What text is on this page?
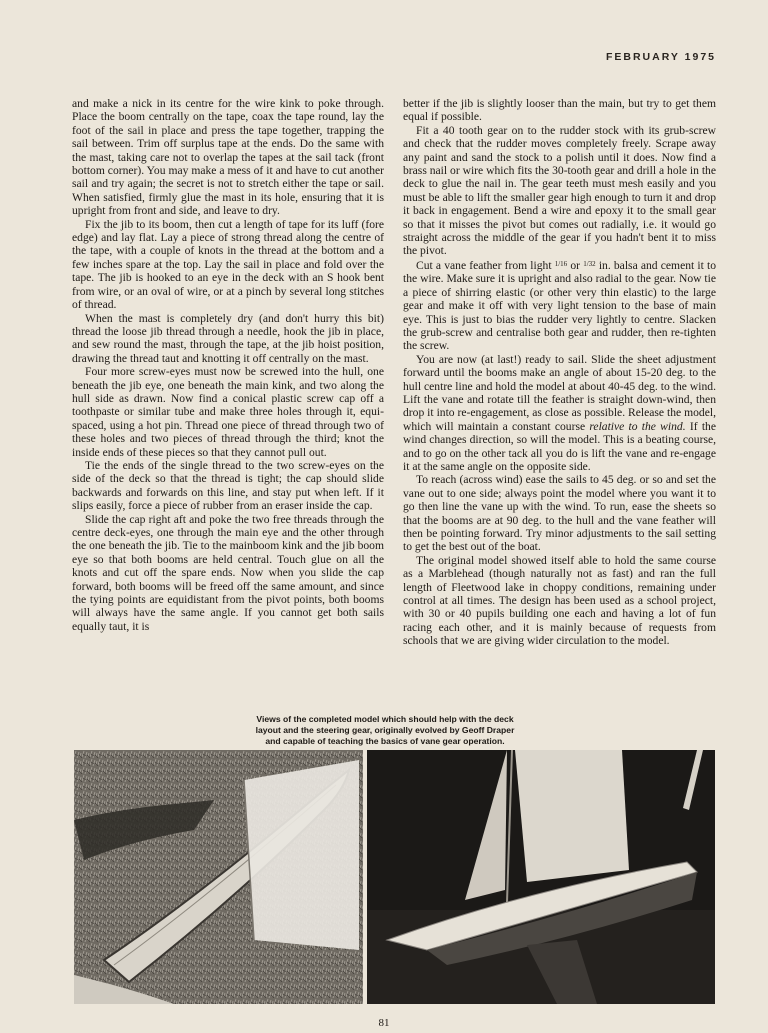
FEBRUARY 1975

and make a nick in its centre for the wire kink to poke through. Place the boom centrally on the tape, coax the tape round, lay the foot of the sail in place and press the tape together, trapping the sail between. Trim off surplus tape at the ends. Do the same with the mast, taking care not to overlap the tapes at the sail tack (front bottom corner). You may make a mess of it and have to cut another sail and try again; the secret is not to stretch either the tape or sail. When satisfied, firmly glue the mast in its hole, ensuring that it is upright from front and side, and leave to dry.

Fix the jib to its boom, then cut a length of tape for its luff (fore edge) and lay flat. Lay a piece of strong thread along the centre of the tape, with a couple of knots in the thread at the bottom and a few inches spare at the top. Lay the sail in place and fold over the tape. The jib is hooked to an eye in the deck with an S hook bent from wire, or an oval of wire, or at a pinch by several long stitches of thread.

When the mast is completely dry (and don't hurry this bit) thread the loose jib thread through a needle, hook the jib in place, and sew round the mast, through the tape, at the jib hoist position, drawing the thread taut and knotting it off centrally on the mast.

Four more screw-eyes must now be screwed into the hull, one beneath the jib eye, one beneath the main kink, and two along the hull side as drawn. Now find a conical plastic screw cap off a toothpaste or similar tube and make three holes through it, equi-spaced, using a hot pin. Thread one piece of thread through two of these holes and two pieces of thread through the third; knot the inside ends of these pieces so that they cannot pull out.

Tie the ends of the single thread to the two screw-eyes on the side of the deck so that the thread is tight; the cap should slide backwards and forwards on this line, and stay put when left. If it slips easily, force a piece of rubber from an eraser inside the cap.

Slide the cap right aft and poke the two free threads through the centre deck-eyes, one through the main eye and the other through the one beneath the jib. Tie to the mainboom kink and the jib boom eye so that both booms are held central. Touch glue on all the knots and cut off the spare ends. Now when you slide the cap forward, both booms will be freed off the same amount, and since the tying points are equidistant from the pivot points, both booms will always have the same angle. If you cannot get both sails equally taut, it is

better if the jib is slightly looser than the main, but try to get them equal if possible.

Fit a 40 tooth gear on to the rudder stock with its grub-screw and check that the rudder moves completely freely. Scrape away any paint and sand the stock to a polish until it does. Now find a brass nail or wire which fits the 30-tooth gear and drill a hole in the deck to glue the nail in. The gear teeth must mesh easily and you must be able to lift the smaller gear high enough to turn it and drop it back in engagement. Bend a wire and epoxy it to the small gear so that it misses the pivot but comes out radially, i.e. it would go straight across the middle of the gear if you hadn't bent it to miss the pivot.

Cut a vane feather from light $^{1/16}$ or $^{1/32}$ in. balsa and cement it to the wire. Make sure it is upright and also radial to the gear. Now tie a piece of shirring elastic (or other very thin elastic) to the large gear and make it off with very light tension to the base of main eye. This is just to bias the rudder very lightly to centre. Slacken the grub-screw and centralise both gear and rudder, then re-tighten the screw.

You are now (at last!) ready to sail. Slide the sheet adjustment forward until the booms make an angle of about 15-20 deg. to the hull centre line and hold the model at about 40-45 deg. to the wind. Lift the vane and rotate till the feather is straight down-wind, then drop it into re-engagement, as close as possible. Release the model, which will maintain a constant course relative to the wind. If the wind changes direction, so will the model. This is a beating course, and to go on the other tack all you do is lift the vane and re-engage it at the same angle on the opposite side.

To reach (across wind) ease the sails to 45 deg. or so and set the vane out to one side; always point the model where you want it to go then line the vane up with the wind. To run, ease the sheets so that the booms are at 90 deg. to the hull and the vane feather will then be pointing forward. Try minor adjustments to the sail setting to get the best out of the boat.

The original model showed itself able to hold the same course as a Marblehead (though naturally not as fast) and ran the full length of Fleetwood lake in choppy conditions, remaining under control at all times. The design has been used as a school project, with 30 or 40 pupils building one each and having a lot of fun racing each other, and it is mainly because of requests from schools that we are giving wider circulation to the model.

Views of the completed model which should help with the deck
layout and the steering gear, originally evolved by Geoff Draper
and capable of teaching the basics of vane gear operation.
81
